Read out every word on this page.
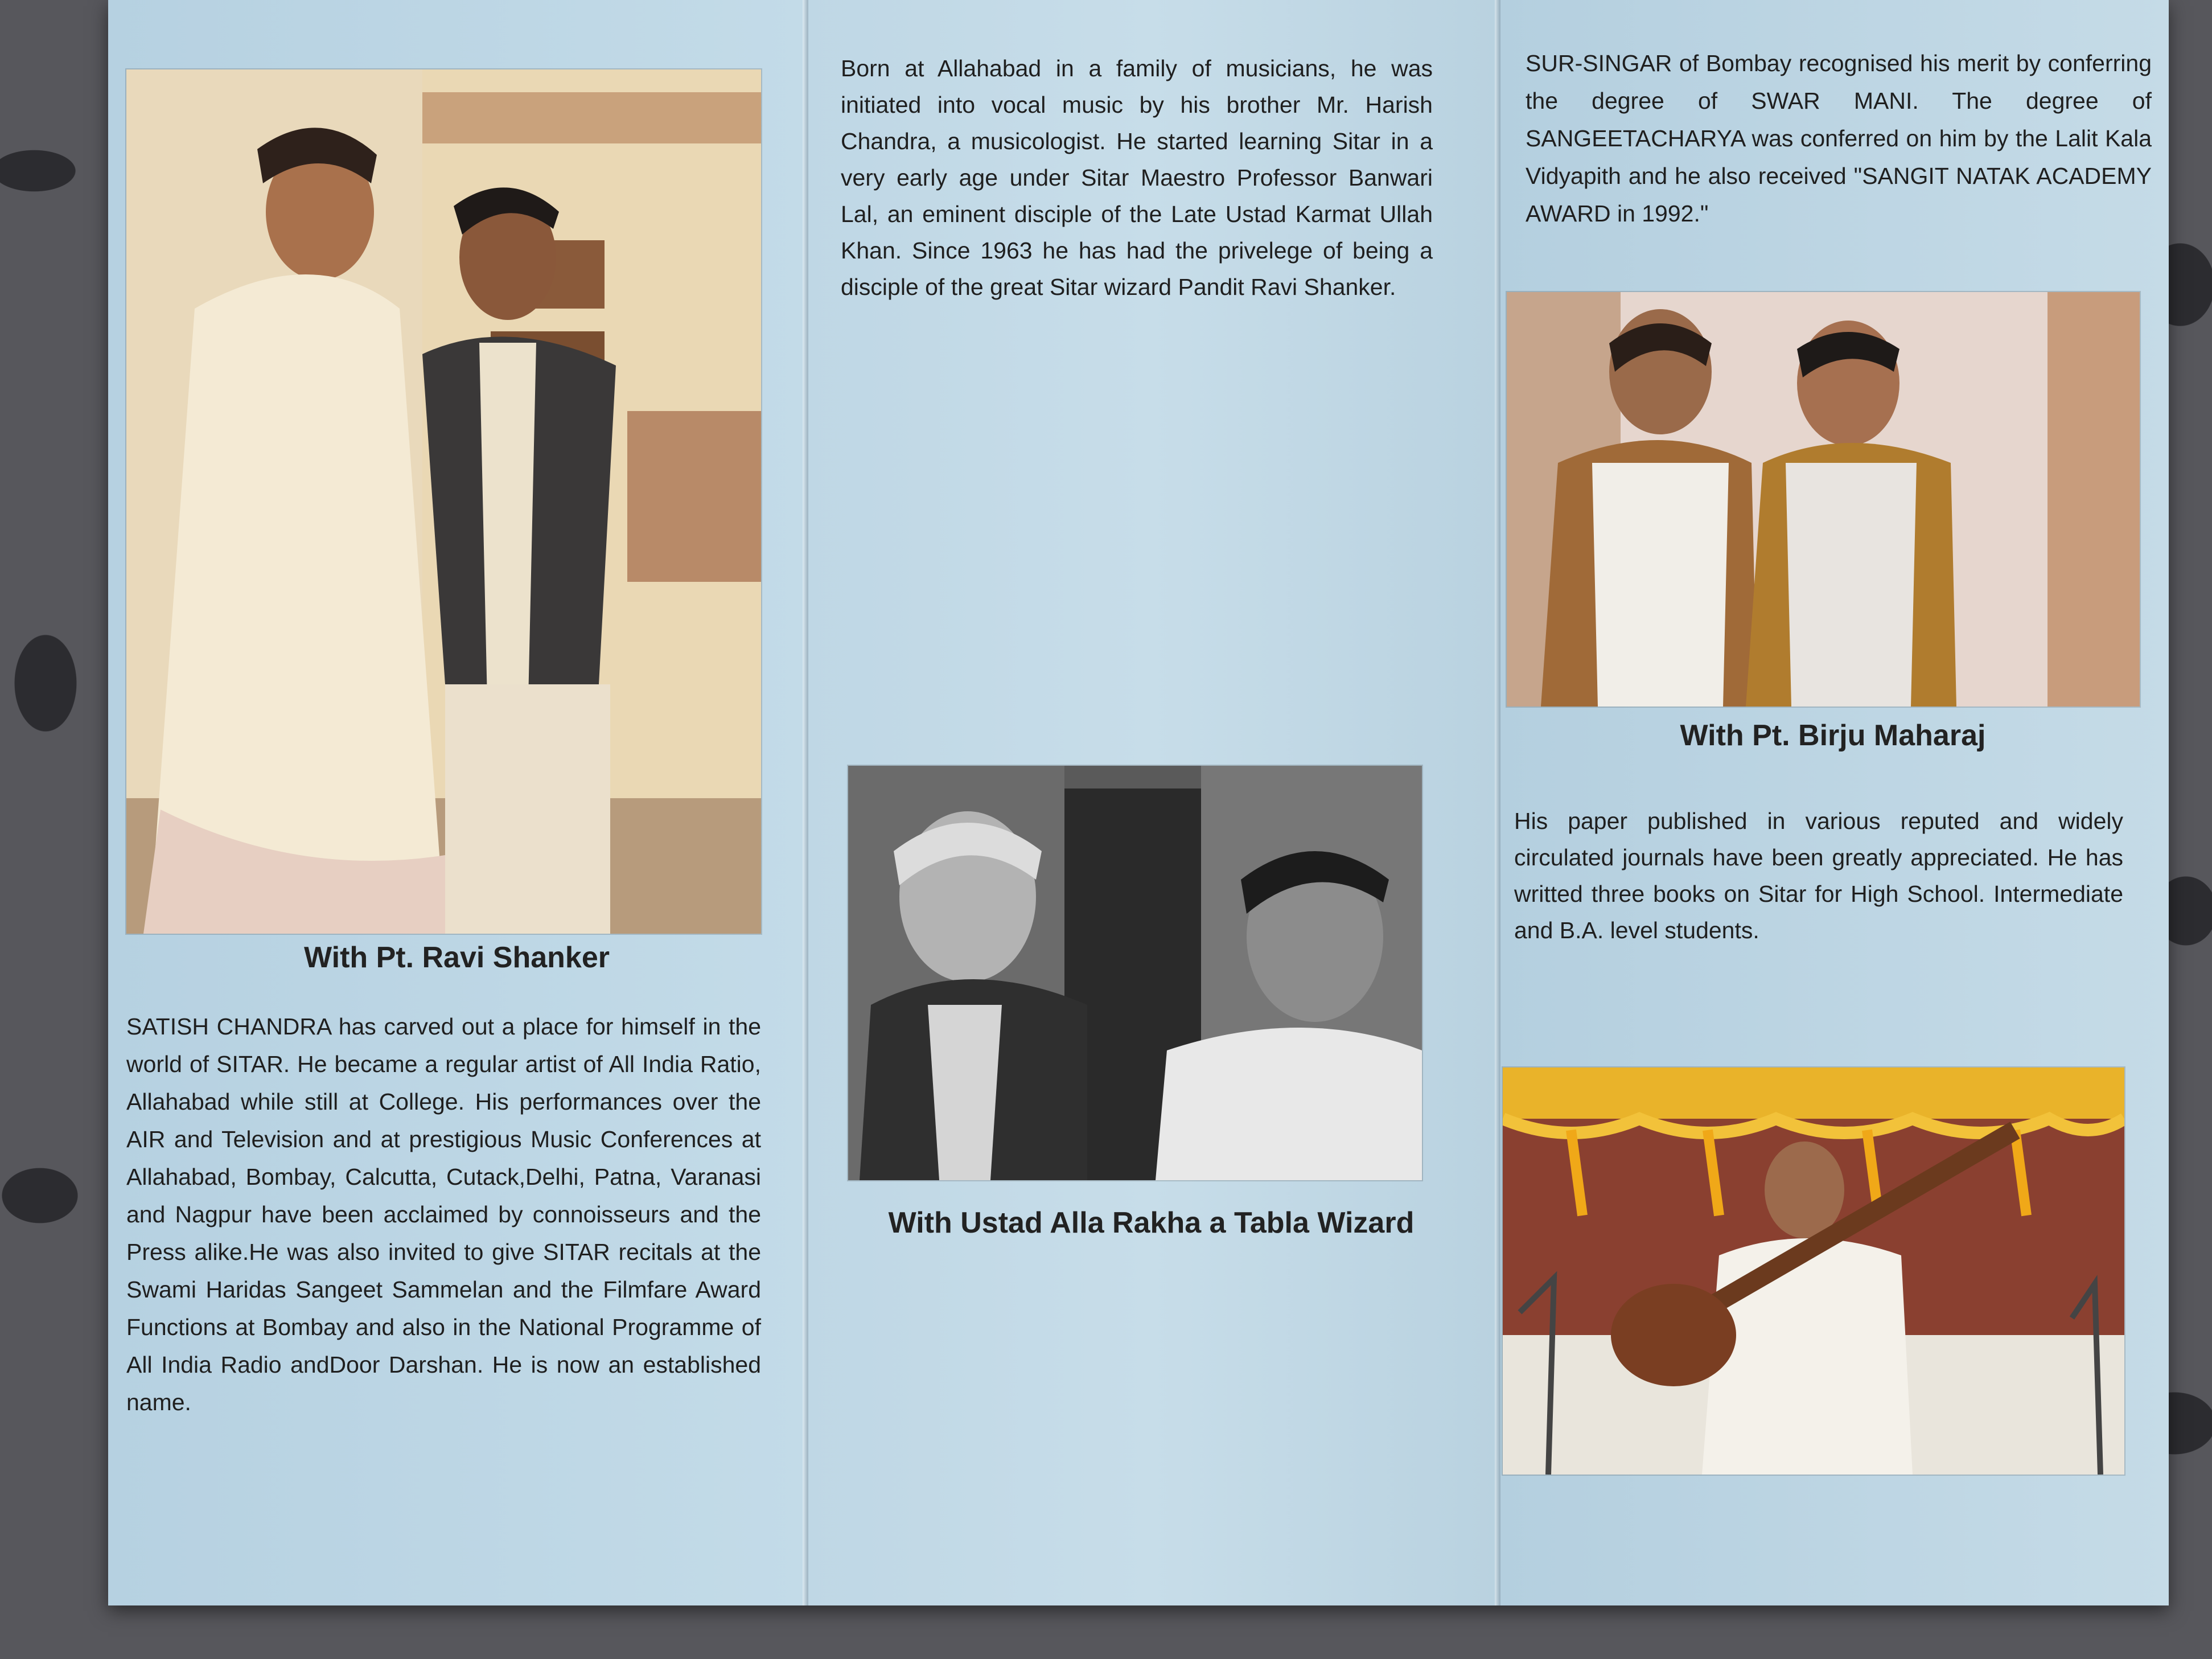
With Pt. Ravi Shanker

SATISH CHANDRA has carved out a place for himself in the world of SITAR. He became a regular artist of All India Ratio, Allahabad while still at College. His performances over the AIR and Television and at prestigious Music Conferences at Allahabad, Bombay, Calcutta, Cutack,Delhi, Patna, Varanasi and Nagpur have been acclaimed by connoisseurs and the Press alike.He was also invited to give SITAR recitals at the Swami Haridas Sangeet Sammelan and the Filmfare Award Functions at Bombay and also in the National Programme of All India Radio andDoor Darshan. He is now an established name.

Born at Allahabad in a family of musicians, he was initiated into vocal music by his brother Mr. Harish Chandra, a musicologist. He started learning Sitar in a very early age under Sitar Maestro Professor Banwari Lal, an eminent disciple of the Late Ustad Karmat Ullah Khan. Since 1963 he has had the privelege of being a disciple of the great Sitar wizard Pandit Ravi Shanker.

With Ustad Alla Rakha a Tabla Wizard

SUR-SINGAR of Bombay recognised his merit by conferring the degree of SWAR MANI. The degree of SANGEETACHARYA was conferred on him by the Lalit Kala Vidyapith and he also received "SANGIT NATAK ACADEMY AWARD in 1992."

With Pt. Birju Maharaj

His paper published in various reputed and widely circulated journals have been greatly appreciated. He has writted three books on Sitar for High School. Intermediate and B.A. level students.
